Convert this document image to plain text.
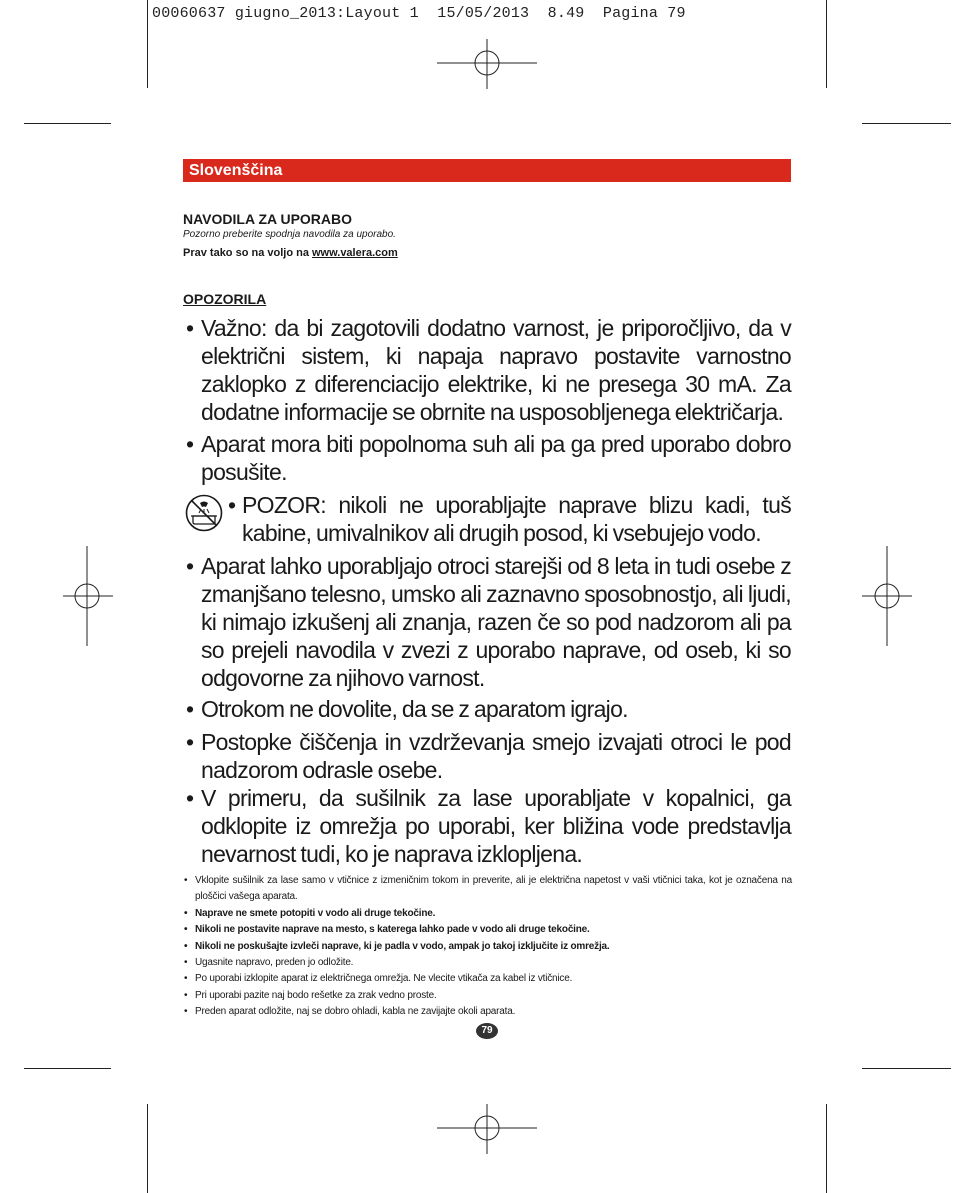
00060637 giugno_2013:Layout 1  15/05/2013  8.49  Pagina 79
Slovenščina
NAVODILA ZA UPORABO
Pozorno preberite spodnja navodila za uporabo.
Prav tako so na voljo na www.valera.com
OPOZORILA
• Važno: da bi zagotovili dodatno varnost, je priporočljivo, da v električni sistem, ki napaja napravo postavite varnostno zaklopko z diferenciacijo elektrike, ki ne presega 30 mA. Za dodatne informacije se obrnite na usposobljenega električarja.
• Aparat mora biti popolnoma suh ali pa ga pred uporabo dobro posušite.
• POZOR: nikoli ne uporabljajte naprave blizu kadi, tuš kabine, umivalnikov ali drugih posod, ki vsebujejo vodo.
• Aparat lahko uporabljajo otroci starejši od 8 leta in tudi osebe z zmanjšano telesno, umsko ali zaznavno sposobnostjo, ali ljudi, ki nimajo izkušenj ali znanja, razen če so pod nadzorom ali pa so prejeli navodila v zvezi z uporabo naprave, od oseb, ki so odgovorne za njihovo varnost.
• Otrokom ne dovolite, da se z aparatom igrajo.
• Postopke čiščenja in vzdrževanja smejo izvajati otroci le pod nadzorom odrasle osebe.
• V primeru, da sušilnik za lase uporabljate v kopalnici, ga odklopite iz omrežja po uporabi, ker bližina vode predstavlja nevarnost tudi, ko je naprava izklopljena.
• Vklopite sušilnik za lase samo v vtičnice z izmeničnim tokom in preverite, ali je električna napetost v vaši vtičnici taka, kot je označena na ploščici vašega aparata.
• Naprave ne smete potopiti v vodo ali druge tekočine.
• Nikoli ne postavite naprave na mesto, s katerega lahko pade v vodo ali druge tekočine.
• Nikoli ne poskušajte izvleči naprave, ki je padla v vodo, ampak jo takoj izključite iz omrežja.
• Ugasnite napravo, preden jo odložite.
• Po uporabi izklopite aparat iz električnega omrežja. Ne vlecite vtikača za kabel iz vtičnice.
• Pri uporabi pazite naj bodo rešetke za zrak vedno proste.
• Preden aparat odložite, naj se dobro ohladi, kabla ne zavijajte okoli aparata.
79
